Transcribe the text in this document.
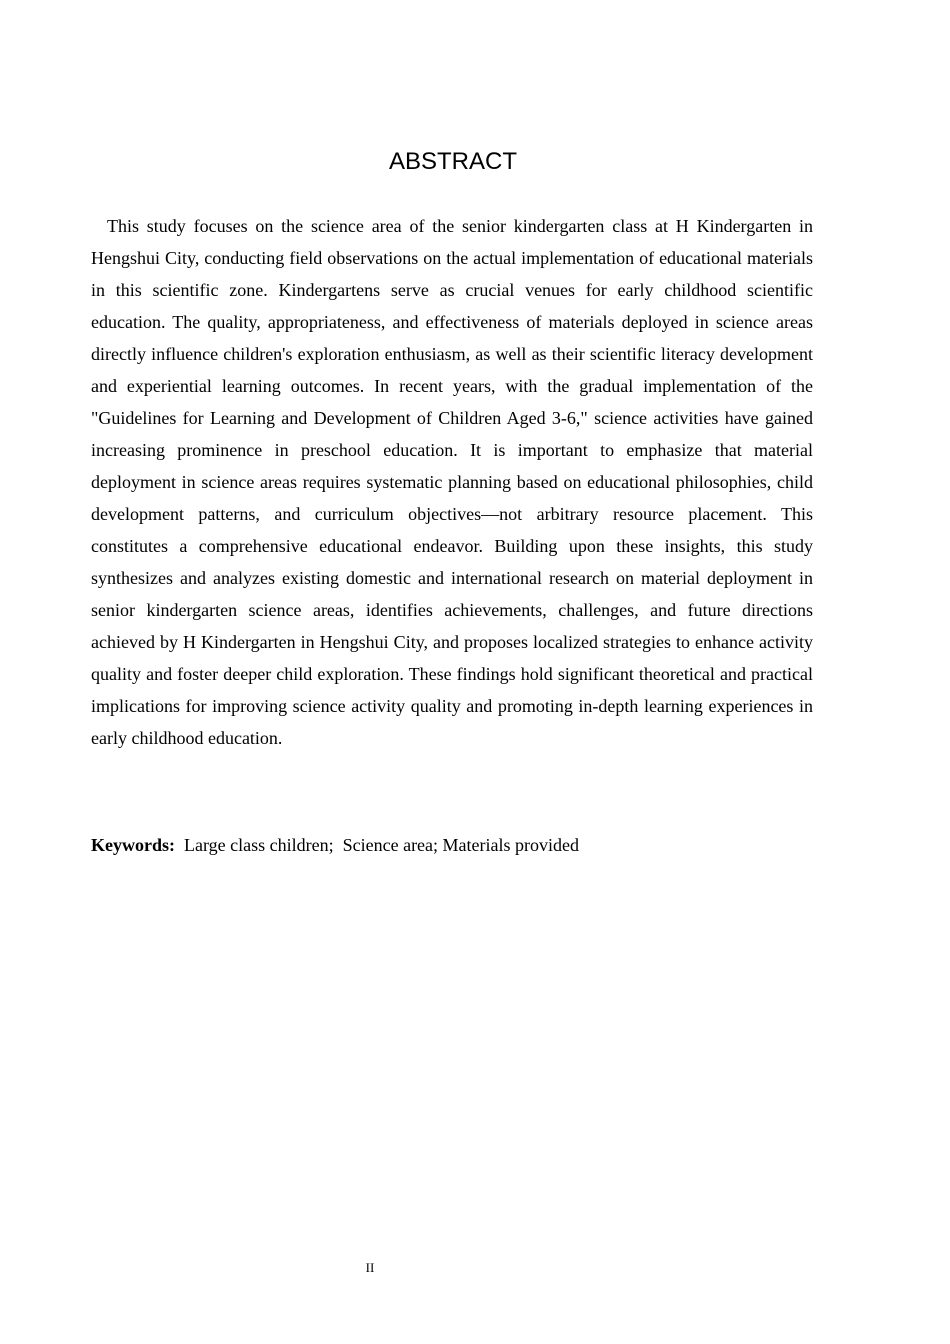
ABSTRACT

This study focuses on the science area of the senior kindergarten class at H Kindergarten in Hengshui City, conducting field observations on the actual implementation of educational materials in this scientific zone. Kindergartens serve as crucial venues for early childhood scientific education. The quality, appropriateness, and effectiveness of materials deployed in science areas directly influence children's exploration enthusiasm, as well as their scientific literacy development and experiential learning outcomes. In recent years, with the gradual implementation of the "Guidelines for Learning and Development of Children Aged 3-6," science activities have gained increasing prominence in preschool education. It is important to emphasize that material deployment in science areas requires systematic planning based on educational philosophies, child development patterns, and curriculum objectives—not arbitrary resource placement. This constitutes a comprehensive educational endeavor. Building upon these insights, this study synthesizes and analyzes existing domestic and international research on material deployment in senior kindergarten science areas, identifies achievements, challenges, and future directions achieved by H Kindergarten in Hengshui City, and proposes localized strategies to enhance activity quality and foster deeper child exploration. These findings hold significant theoretical and practical implications for improving science activity quality and promoting in-depth learning experiences in early childhood education.

Keywords:  Large class children;  Science area; Materials provided

II
